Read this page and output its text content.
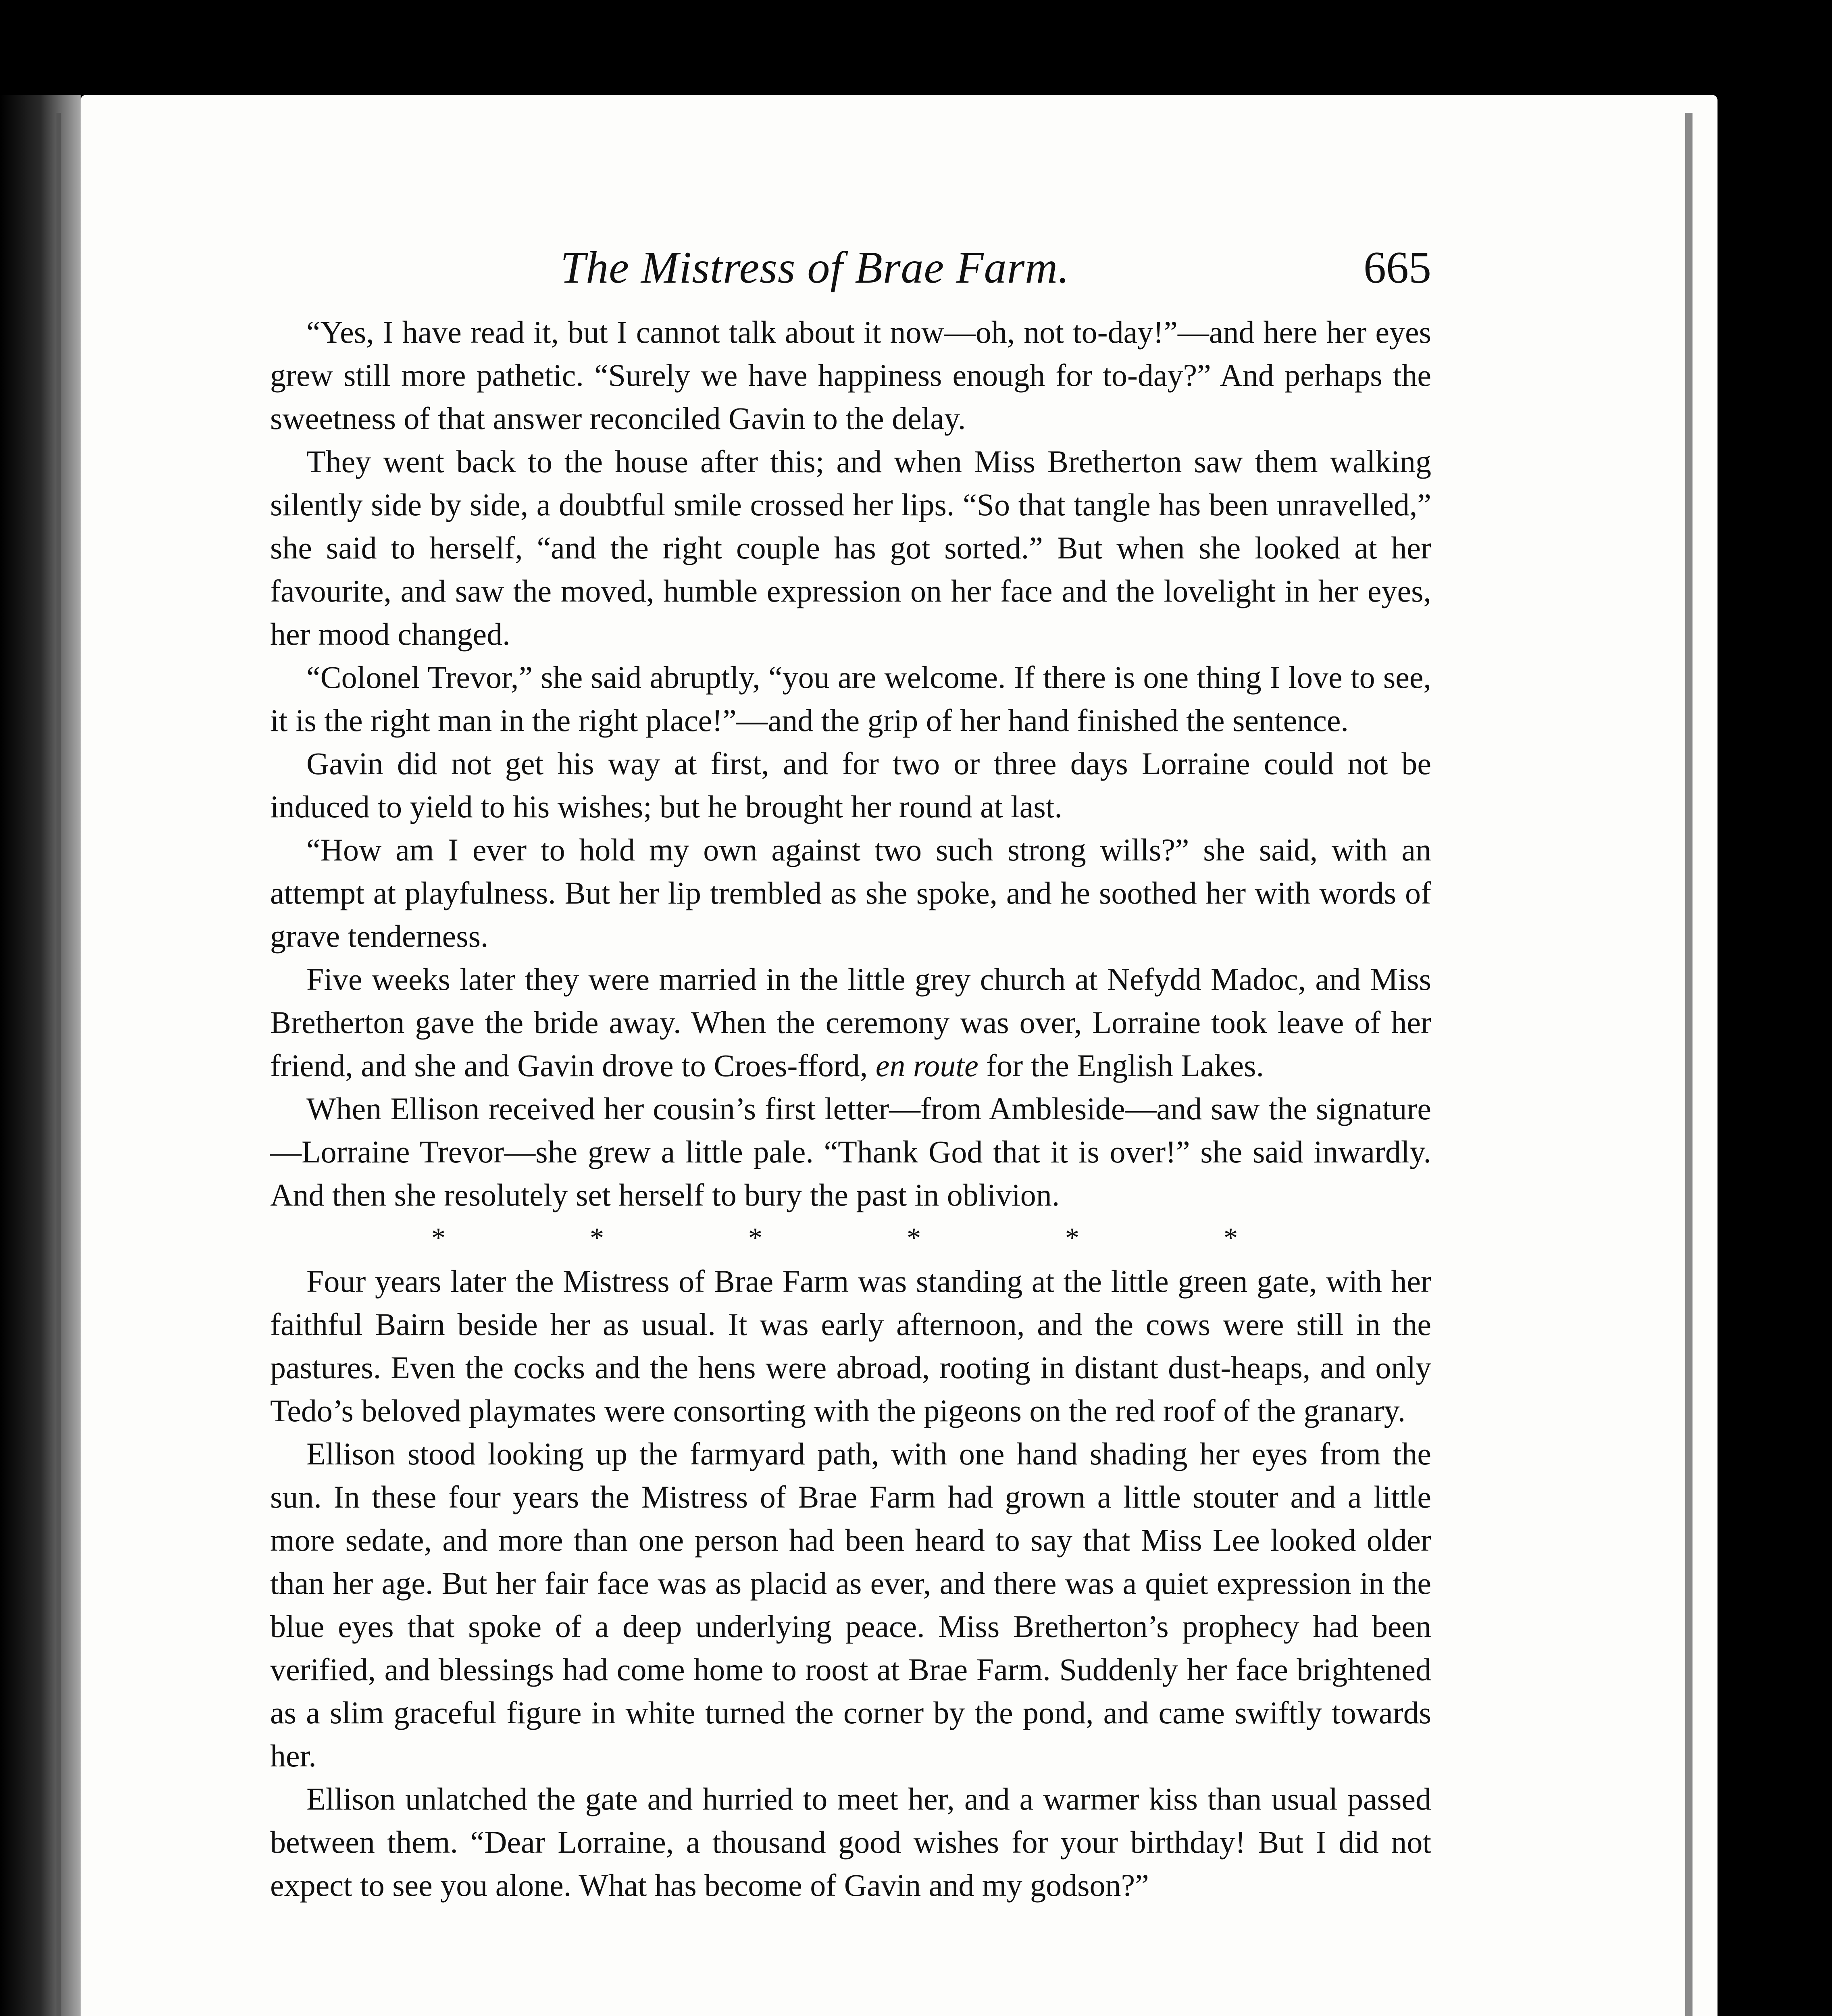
The Mistress of Brae Farm.	665

“Yes, I have read it, but I cannot talk about it now—oh, not to-day!”—and here her eyes grew still more pathetic. “Surely we have happiness enough for to-day?” And perhaps the sweetness of that answer reconciled Gavin to the delay.

They went back to the house after this; and when Miss Bretherton saw them walking silently side by side, a doubtful smile crossed her lips. “So that tangle has been unravelled,” she said to herself, “and the right couple has got sorted.” But when she looked at her favourite, and saw the moved, humble expression on her face and the lovelight in her eyes, her mood changed.

“Colonel Trevor,” she said abruptly, “you are welcome. If there is one thing I love to see, it is the right man in the right place!”—and the grip of her hand finished the sentence.

Gavin did not get his way at first, and for two or three days Lorraine could not be induced to yield to his wishes; but he brought her round at last.

“How am I ever to hold my own against two such strong wills?” she said, with an attempt at playfulness. But her lip trembled as she spoke, and he soothed her with words of grave tenderness.

Five weeks later they were married in the little grey church at Nefydd Madoc, and Miss Bretherton gave the bride away. When the ceremony was over, Lorraine took leave of her friend, and she and Gavin drove to Croes-fford, en route for the English Lakes.

When Ellison received her cousin’s first letter—from Ambleside—and saw the signature—Lorraine Trevor—she grew a little pale. “Thank God that it is over!” she said inwardly. And then she resolutely set herself to bury the past in oblivion.

*	*	*	*	*	*

Four years later the Mistress of Brae Farm was standing at the little green gate, with her faithful Bairn beside her as usual. It was early afternoon, and the cows were still in the pastures. Even the cocks and the hens were abroad, rooting in distant dust-heaps, and only Tedo’s beloved playmates were consorting with the pigeons on the red roof of the granary.

Ellison stood looking up the farmyard path, with one hand shading her eyes from the sun. In these four years the Mistress of Brae Farm had grown a little stouter and a little more sedate, and more than one person had been heard to say that Miss Lee looked older than her age. But her fair face was as placid as ever, and there was a quiet expression in the blue eyes that spoke of a deep underlying peace. Miss Bretherton’s prophecy had been verified, and blessings had come home to roost at Brae Farm. Suddenly her face brightened as a slim graceful figure in white turned the corner by the pond, and came swiftly towards her.

Ellison unlatched the gate and hurried to meet her, and a warmer kiss than usual passed between them. “Dear Lorraine, a thousand good wishes for your birthday! But I did not expect to see you alone. What has become of Gavin and my godson?”
